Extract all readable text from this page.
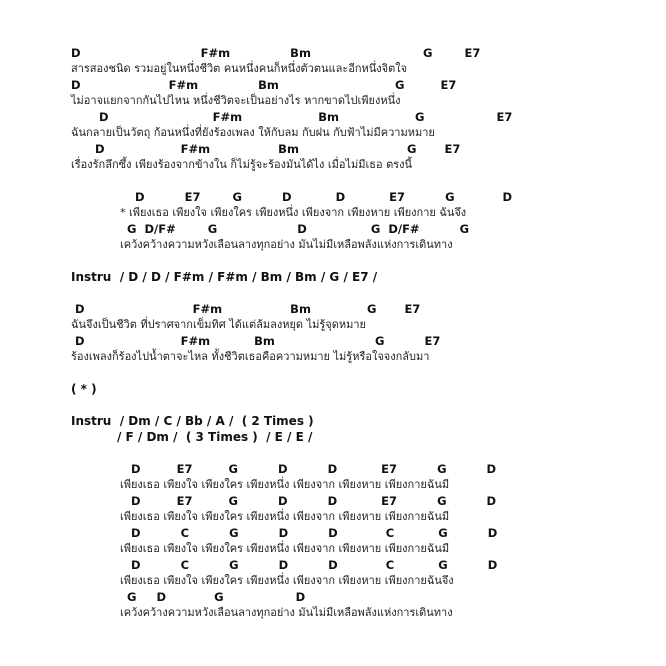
D                              F#m               Bm                            G        E7
สารสองชนิด รวมอยู่ในหนึ่งชีวิต คนหนึ่งคนก็หนึ่งตัวตนและอีกหนึ่งจิตใจ
D                      F#m               Bm                             G         E7
ไม่อาจแยกจากกันไปไหน หนึ่งชีวิตจะเป็นอย่างไร หากขาดไปเพียงหนึ่ง
D                          F#m                   Bm                   G                  E7
ฉันกลายเป็นวัตถุ ก้อนหนึ่งที่ยังร้องเพลง ให้กับลม กับฝน กับฟ้าไม่มีความหมาย
D                   F#m                 Bm                           G       E7
เรื่องรักลึกซึ้ง เพียงร้องจากข้างใน ก็ไม่รู้จะร้องมันได้ไง เมื่อไม่มีเธอ ตรงนี้
D          E7        G          D           D           E7          G            D
* เพียงเธอ เพียงใจ เพียงใคร เพียงหนึ่ง เพียงจาก เพียงหาย เพียงกาย ฉันจึง
G  D/F#        G                    D                G  D/F#          G
เคว้งคว้างความหวังเลือนลางทุกอย่าง มันไม่มีเหลือพลังแห่งการเดินทาง
Instru  / D / D / F#m / F#m / Bm / Bm / G / E7 /
D                           F#m                 Bm              G       E7
ฉันจึงเป็นชีวิต ที่ปราศจากเข็มทิศ ได้แต่ล้มลงหยุด ไม่รู้จุดหมาย
D                        F#m           Bm                         G          E7
ร้องเพลงก็ร้องไปน้ำตาจะไหล ทั้งชีวิตเธอคือความหมาย ไม่รู้หรือใจจงกลับมา
( * )
Instru  / Dm / C / Bb / A /  ( 2 Times )
/ F / Dm /  ( 3 Times )  / E / E /
D         E7         G          D          D           E7          G          D
เพียงเธอ เพียงใจ เพียงใคร เพียงหนึ่ง เพียงจาก เพียงหาย เพียงกายฉันมี
D         E7         G          D          D           E7          G          D
เพียงเธอ เพียงใจ เพียงใคร เพียงหนึ่ง เพียงจาก เพียงหาย เพียงกายฉันมี
D          C          G          D          D            C           G          D
เพียงเธอ เพียงใจ เพียงใคร เพียงหนึ่ง เพียงจาก เพียงหาย เพียงกายฉันมี
D          C          G          D          D            C           G          D
เพียงเธอ เพียงใจ เพียงใคร เพียงหนึ่ง เพียงจาก เพียงหาย เพียงกายฉันจึง
G     D            G                  D
เคว้งคว้างความหวังเลือนลางทุกอย่าง มันไม่มีเหลือพลังแห่งการเดินทาง
